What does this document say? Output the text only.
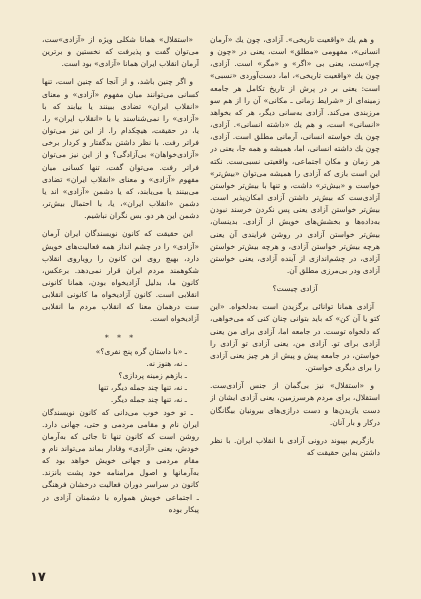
و هم یك «واقعیت تاریخی». آزادی، چون یك «آرمان انسانی»، مفهومی «مطلق» است، یعنی در «چون و چرا»ست، یعنی بی «اگر» و «مگر» است. آزادی، چون یك «واقعیت تاریخی»، اما، دست‌آوردی «نسبی» است: یعنی بر در پرش از تاریخ تکامل هر جامعه زمینه‌ای از «شرایط زمانی ـ مکانی» آن را از هم سو مرزبندی می‌کند. آزادی به‌سانی دیگر، هر که بخواهد «انسانی» است، و هم یك «داشته انسانی». آزادی، چون یك خواسته انسانی، آرمانی مطلق است. آزادی، چون یك داشته انسانی، اما، همیشه و همه جا، یعنی در هر زمان و مکان اجتماعی، واقعیتی نسبی‌ست. نکته این است بازی که آزادی را همیشه می‌توان «بیش‌تر» خواست و «بیش‌تر» داشت، و تنها با بیش‌تر خواستن آزادی‌ست که بیش‌تر داشتن آزادی امکان‌پذیر است. بیش‌تر خواستن آزادی یعنی پس نکردن خرسند نبودن به‌داده‌ها و بخشش‌های خویش از آزادی. بدینسان، بیش‌تر خواستن آزادی در روشن فرایندی آن یعنی هرچه بیش‌تر خواستن آزادی، و هرچه بیش‌تر خواستن آزادی، در چشم‌اندازی از آینده آزادی، یعنی خواستن آزادی ودر بی‌مرزی مطلق آن.

آزادی چیست؟

آزادی همانا توانائی برگزیدن است به‌دلخواه. «این کتو یا آن کن» که باید بتوانی چنان کنی که می‌خواهی، که دلخواه توست. در جامعه اما، آزادی برای من یعنی آزادی برای تو. آزادی من، یعنی آزادی تو آزادی را خواستن، در جامعه پیش و پیش از هر چیز یعنی آزادی را برای دیگری خواستن.

و «استقلال» نیز بی‌گمان از جنس آزادی‌ست. استقلال، برای مردم هرسرزمین، یعنی آزادی ایشان از دست یازیدن‌ها و دست درازی‌های بیرونیان بیگانگان درکار و بار آنان.

بازگریم بپیوند درونی آزادی با انقلاب ایران. با نظر داشتن به‌این حقیقت که

«استقلال» همانا شکلی ویژه از «آزادی»ست، می‌توان گفت و پذیرفت که نخستین و برترین آرمان انقلاب ایران همانا «آزادی» بود است.

و اگر چنین باشد، و از آنجا که چنین است، تنها کسانی می‌توانند میان مفهوم «آزادی» و معنای «انقلاب ایران» تضادی ببینند یا بیابند که با «آزادی» را نمی‌شناسند یا با «انقلاب ایران» را، یا، در حقیقت، هیچکدام را. از این نیز می‌توان فراتر رفت. با نظر داشتن بدگفتار و کردار برخی «آزادی‌خواهان» بی‌آزادگی؟ و از این نیز می‌توان فراتر رفت. می‌توان گفت، تنها کسانی میان مفهوم «آزادی» و معنای «انقلاب ایران» تضادی می‌بینند یا می‌یابند، که یا دشمن «آزادی» اند یا دشمن «انقلاب ایران»، یا، با احتمال بیش‌تر، دشمن این هر دو. بس نگران نباشیم.

این حقیقت که کانون نویسندگان ایران آرمان «آزادی» را در چشم انداز همه فعالیت‌های خویش دارد، بهیچ روی این کانون را رویاروی انقلاب شکوهمند مردم ایران قرار نمی‌دهد. برعکس، کانون ما، بدلیل آزادیخواه بودن، همانا کانونی انقلابی است. کانون آزادیخواه ما کانونی انقلابی ست درهمان معنا که انقلاب مردم ما انقلابی آزادیخواه است.

* * *

ـ «با داستان گره پنج نفری؟»

ـ نه، هنوز نه.

ـ بازهم زمینه پردازی؟

ـ نه، تنها چند جمله دیگر، تنها

ـ نه، تنها چند جمله دیگر.

ـ تو خود خوب می‌دانی که کانون نویسندگان ایران نام و مقامی مردمی و حتی، جهانی دارد. روشن است که کانون تنها تا جائی که به‌آرمان خودش، یعنی «آزادی» وفادار بماند می‌تواند نام و مقام مردمی و جهانی خویش خواهد بود که به‌آرمانها و اصول مرامنامه خود پشت بانزند. کانون در سراسر دوران فعالیت درخشان فرهنگی ـ اجتماعی خویش همواره با دشمنان آزادی در پیکار بوده

۱۷
